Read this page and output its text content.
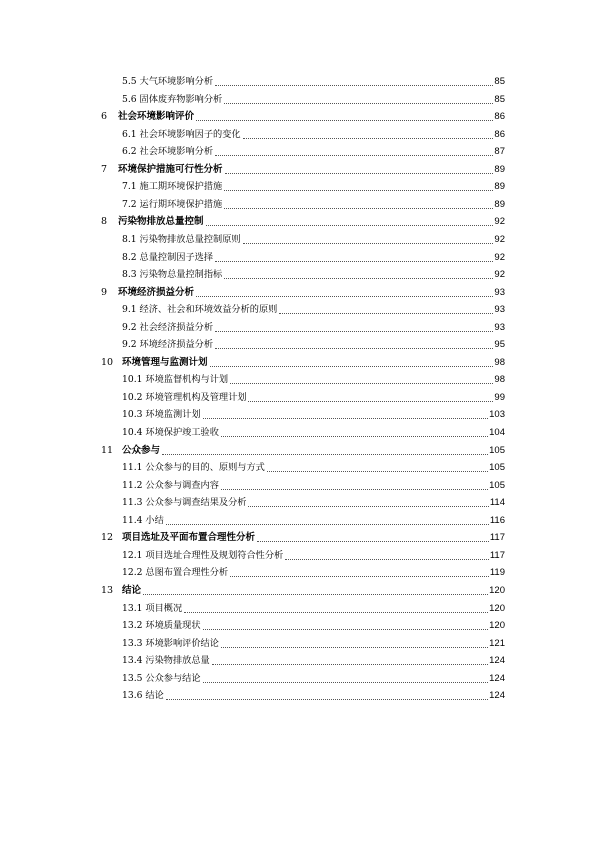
5.5 大气环境影响分析	85
5.6 固体废弃物影响分析	85
6 社会环境影响评价	86
6.1 社会环境影响因子的变化	86
6.2 社会环境影响分析	87
7 环境保护措施可行性分析	89
7.1 施工期环境保护措施	89
7.2 运行期环境保护措施	89
8 污染物排放总量控制	92
8.1 污染物排放总量控制原则	92
8.2 总量控制因子选择	92
8.3 污染物总量控制指标	92
9 环境经济损益分析	93
9.1 经济、社会和环境效益分析的原则	93
9.2 社会经济损益分析	93
9.2 环境经济损益分析	95
10 环境管理与监测计划	98
10.1 环境监督机构与计划	98
10.2 环境管理机构及管理计划	99
10.3 环境监测计划	103
10.4 环境保护竣工验收	104
11 公众参与	105
11.1 公众参与的目的、原则与方式	105
11.2 公众参与调查内容	105
11.3 公众参与调查结果及分析	114
11.4 小结	116
12 项目选址及平面布置合理性分析	117
12.1 项目选址合理性及规划符合性分析	117
12.2 总图布置合理性分析	119
13 结论	120
13.1 项目概况	120
13.2 环境质量现状	120
13.3 环境影响评价结论	121
13.4 污染物排放总量	124
13.5 公众参与结论	124
13.6 结论	124
